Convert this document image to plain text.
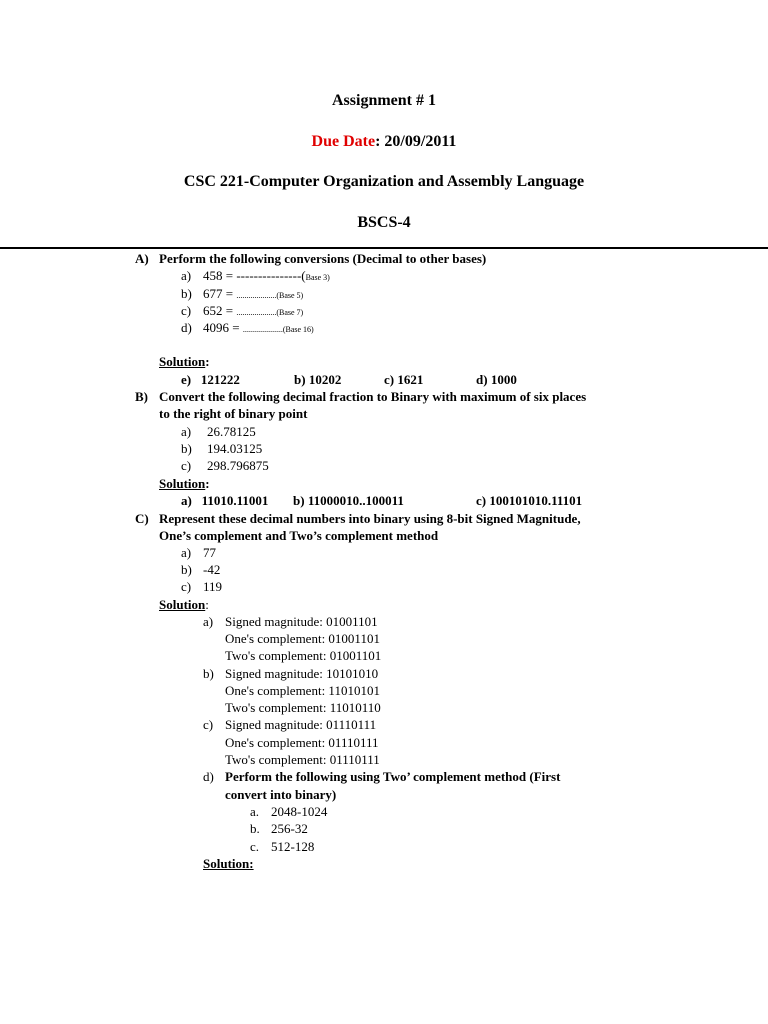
Assignment # 1
Due Date: 20/09/2011
CSC 221-Computer Organization and Assembly Language
BSCS-4
A) Perform the following conversions (Decimal to other bases)
a) 458 = ---------------(Base 3)
b) 677 = ....................(Base 5)
c) 652 = ....................(Base 7)
d) 4096 = ....................(Base 16)
Solution:
e) 121222	b) 10202	c) 1621	d) 1000
B) Convert the following decimal fraction to Binary with maximum of six places
to the right of binary point
a) 26.78125
b) 194.03125
c) 298.796875
Solution:
a) 11010.11001 b) 11000010..100011	c) 100101010.11101
C) Represent these decimal numbers into binary using 8-bit Signed Magnitude,
One’s complement and Two’s complement method
a) 77
b) -42
c) 119
Solution:
a) Signed magnitude: 01001101
One's complement: 01001101
Two's complement: 01001101
b) Signed magnitude: 10101010
One's complement: 11010101
Two's complement: 11010110
c) Signed magnitude: 01110111
One's complement: 01110111
Two's complement: 01110111
d) Perform the following using Two’ complement method (First
convert into binary)
a. 2048-1024
b. 256-32
c. 512-128
Solution:
